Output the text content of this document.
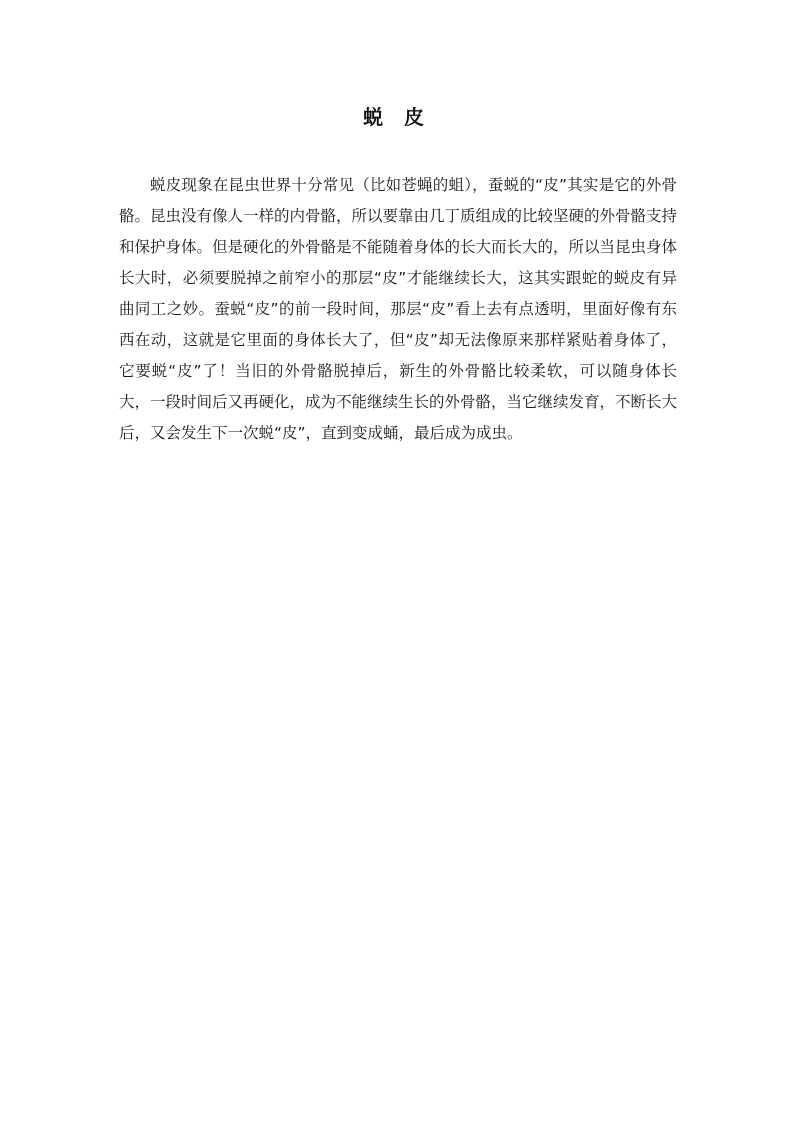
蜕 皮

蜕皮现象在昆虫世界十分常见（比如苍蝇的蛆），蚕蜕的“皮”其实是它的外骨骼。昆虫没有像人一样的内骨骼，所以要靠由几丁质组成的比较坚硬的外骨骼支持和保护身体。但是硬化的外骨骼是不能随着身体的长大而长大的，所以当昆虫身体长大时，必须要脱掉之前窄小的那层“皮”才能继续长大，这其实跟蛇的蜕皮有异曲同工之妙。蚕蜕“皮”的前一段时间，那层“皮”看上去有点透明，里面好像有东西在动，这就是它里面的身体长大了，但“皮”却无法像原来那样紧贴着身体了，它要蜕“皮”了！当旧的外骨骼脱掉后，新生的外骨骼比较柔软，可以随身体长大，一段时间后又再硬化，成为不能继续生长的外骨骼，当它继续发育，不断长大后，又会发生下一次蜕“皮”，直到变成蛹，最后成为成虫。
